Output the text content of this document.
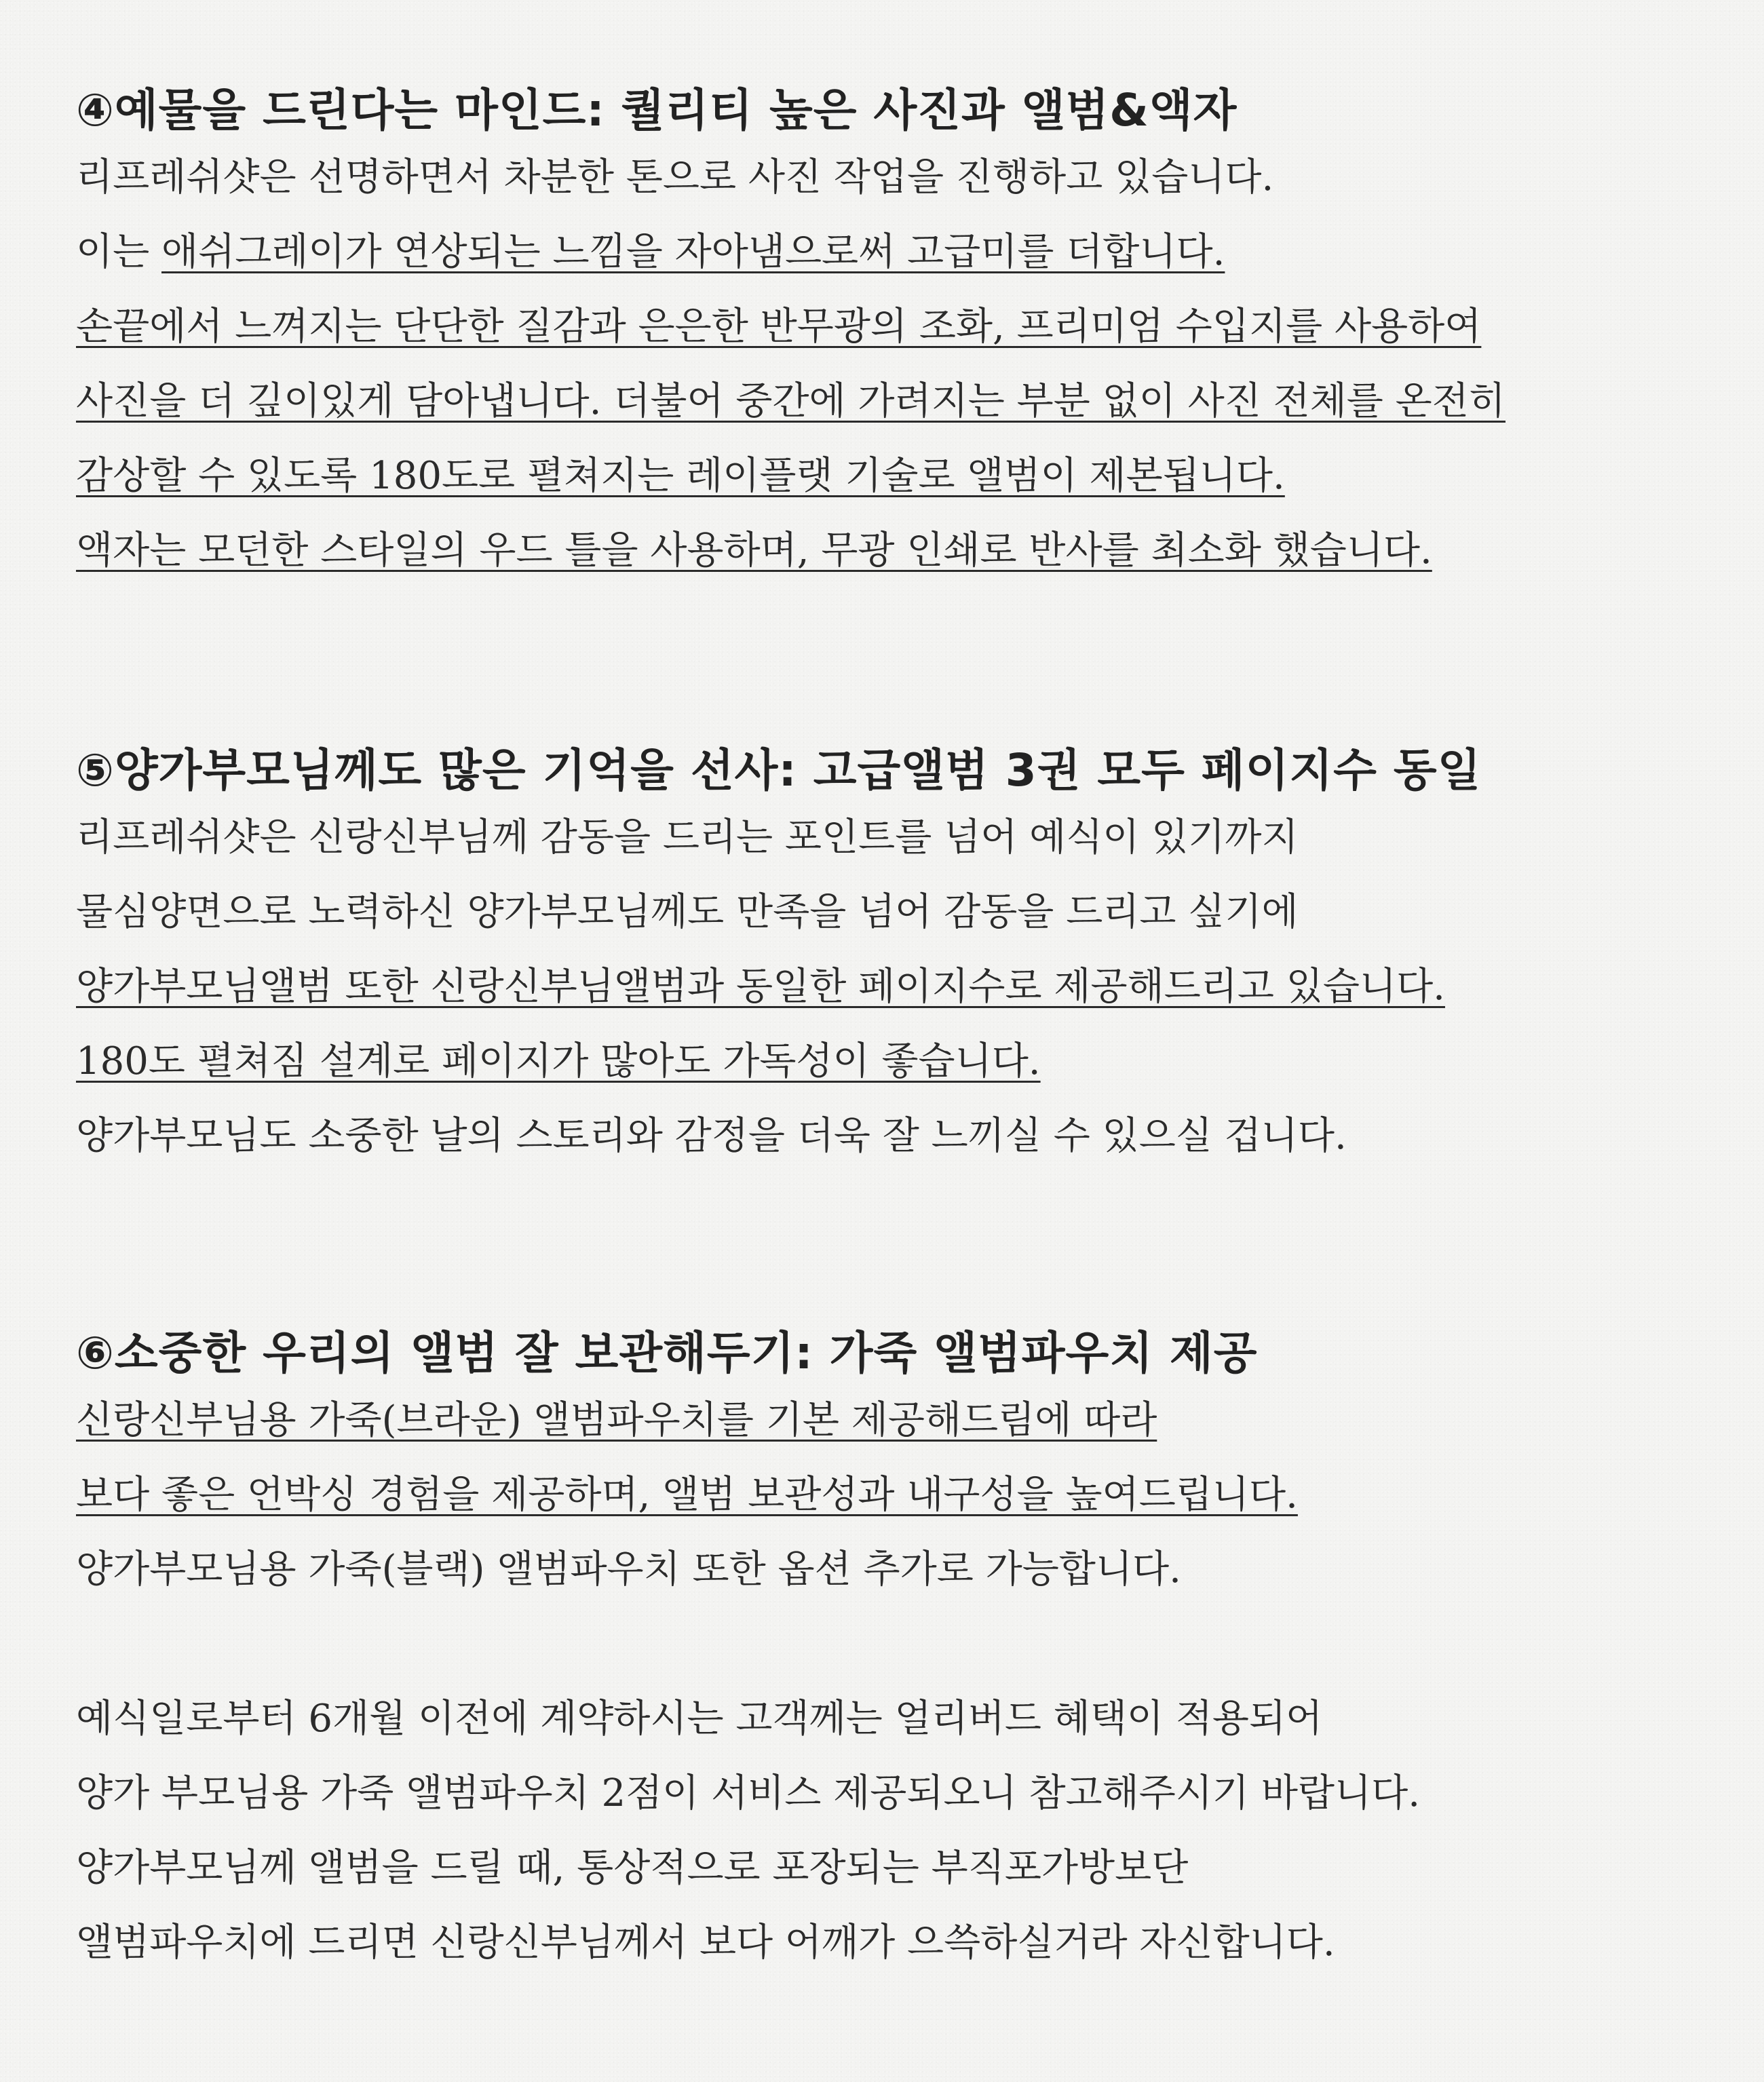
④예물을 드린다는 마인드: 퀄리티 높은 사진과 앨범&액자
리프레쉬샷은 선명하면서 차분한 톤으로 사진 작업을 진행하고 있습니다.
이는 애쉬그레이가 연상되는 느낌을 자아냄으로써 고급미를 더합니다.
손끝에서 느껴지는 단단한 질감과 은은한 반무광의 조화, 프리미엄 수입지를 사용하여
사진을 더 깊이있게 담아냅니다. 더불어 중간에 가려지는 부분 없이 사진 전체를 온전히
감상할 수 있도록 180도로 펼쳐지는 레이플랫 기술로 앨범이 제본됩니다.
액자는 모던한 스타일의 우드 틀을 사용하며, 무광 인쇄로 반사를 최소화 했습니다.
⑤양가부모님께도 많은 기억을 선사: 고급앨범 3권 모두 페이지수 동일
리프레쉬샷은 신랑신부님께 감동을 드리는 포인트를 넘어 예식이 있기까지
물심양면으로 노력하신 양가부모님께도 만족을 넘어 감동을 드리고 싶기에
양가부모님앨범 또한 신랑신부님앨범과 동일한 페이지수로 제공해드리고 있습니다.
180도 펼쳐짐 설계로 페이지가 많아도 가독성이 좋습니다.
양가부모님도 소중한 날의 스토리와 감정을 더욱 잘 느끼실 수 있으실 겁니다.
⑥소중한 우리의 앨범 잘 보관해두기: 가죽 앨범파우치 제공
신랑신부님용 가죽(브라운) 앨범파우치를 기본 제공해드림에 따라
보다 좋은 언박싱 경험을 제공하며, 앨범 보관성과 내구성을 높여드립니다.
양가부모님용 가죽(블랙) 앨범파우치 또한 옵션 추가로 가능합니다.
예식일로부터 6개월 이전에 계약하시는 고객께는 얼리버드 혜택이 적용되어
양가 부모님용 가죽 앨범파우치 2점이 서비스 제공되오니 참고해주시기 바랍니다.
양가부모님께 앨범을 드릴 때, 통상적으로 포장되는 부직포가방보단
앨범파우치에 드리면 신랑신부님께서 보다 어깨가 으쓱하실거라 자신합니다.
